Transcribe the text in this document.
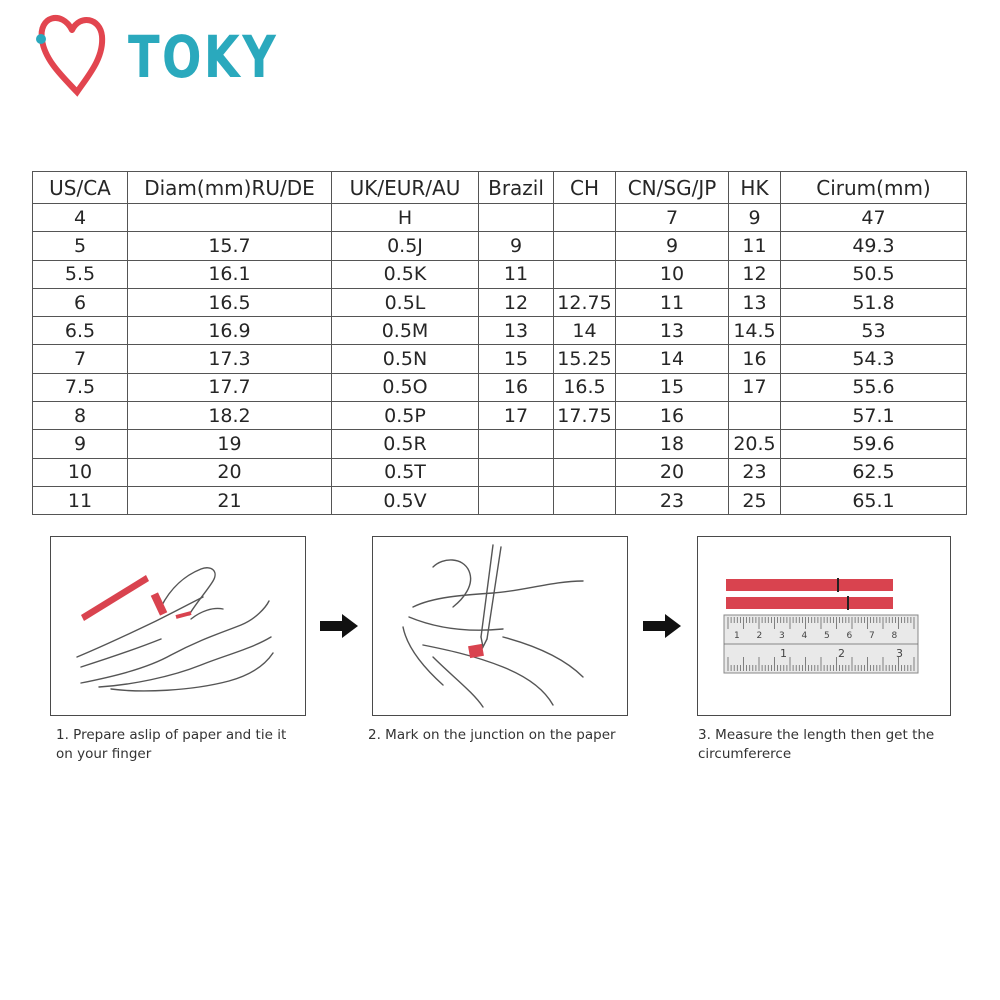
TOKY
US/CA	Diam(mm)RU/DE	UK/EUR/AU	Brazil	CH	CN/SG/JP	HK	Cirum(mm)
4		H			7	9	47
5	15.7	0.5J	9		9	11	49.3
5.5	16.1	0.5K	11		10	12	50.5
6	16.5	0.5L	12	12.75	11	13	51.8
6.5	16.9	0.5M	13	14	13	14.5	53
7	17.3	0.5N	15	15.25	14	16	54.3
7.5	17.7	0.5O	16	16.5	15	17	55.6
8	18.2	0.5P	17	17.75	16		57.1
9	19	0.5R			18	20.5	59.6
10	20	0.5T			20	23	62.5
11	21	0.5V			23	25	65.1
1 2 3 4 5 6 7 8
1	2	3
1. Prepare aslip of paper and tie it
on your finger
2. Mark on the junction on the paper	3. Measure the length then get the
circumfererce
